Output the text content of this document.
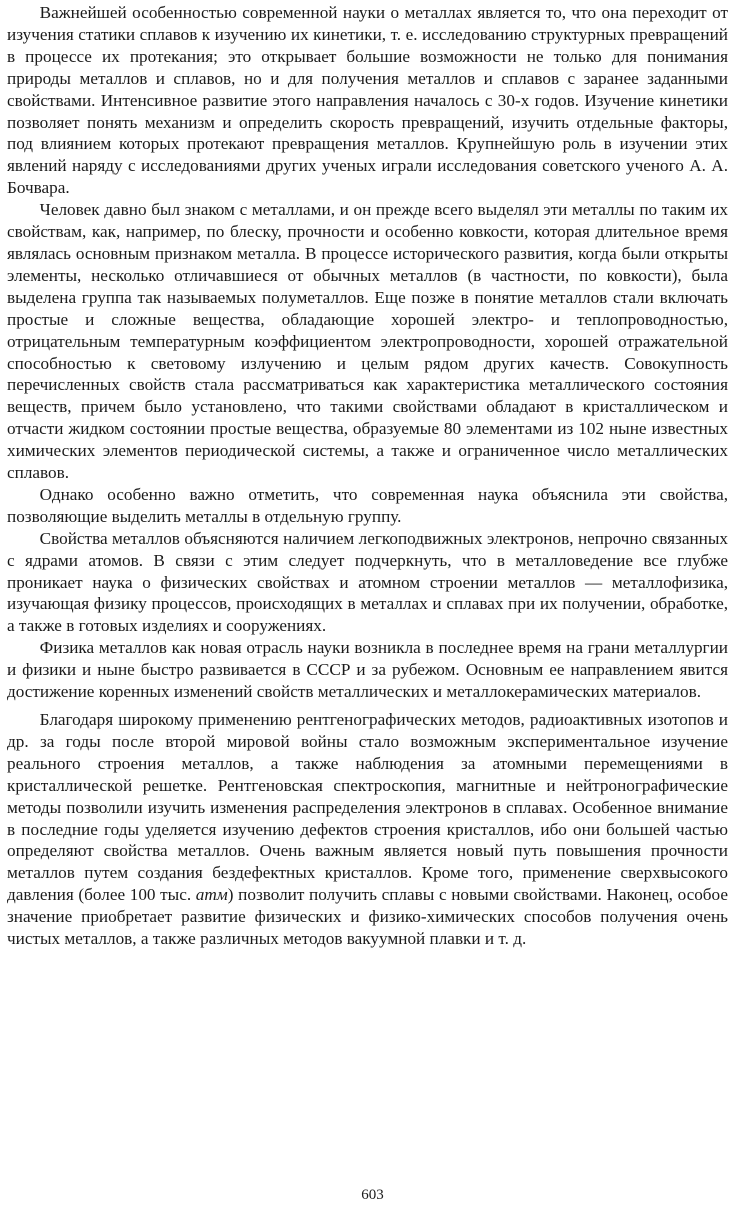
Важнейшей особенностью современной науки о металлах является то, что она переходит от изучения статики сплавов к изучению их кинетики, т. е. исследованию структурных превращений в процессе их протекания; это открывает большие возможности не только для понимания природы металлов и сплавов, но и для получения металлов и сплавов с заранее заданными свойствами. Интенсивное развитие этого направления началось с 30-х годов. Изучение кинетики позволяет понять механизм и определить скорость превращений, изучить отдельные факторы, под влиянием которых протекают превращения металлов. Крупнейшую роль в изучении этих явлений наряду с исследованиями других ученых играли исследования советского ученого А. А. Бочвара.

Человек давно был знаком с металлами, и он прежде всего выделял эти металлы по таким их свойствам, как, например, по блеску, прочности и особенно ковкости, которая длительное время являлась основным признаком металла. В процессе исторического развития, когда были открыты элементы, несколько отличавшиеся от обычных металлов (в частности, по ковкости), была выделена группа так называемых полуметаллов. Еще позже в понятие металлов стали включать простые и сложные вещества, обладающие хорошей электро- и теплопроводностью, отрицательным температурным коэффициентом электропроводности, хорошей отражательной способностью к световому излучению и целым рядом других качеств. Совокупность перечисленных свойств стала рассматриваться как характеристика металлического состояния веществ, причем было установлено, что такими свойствами обладают в кристаллическом и отчасти жидком состоянии простые вещества, образуемые 80 элементами из 102 ныне известных химических элементов периодической системы, а также и ограниченное число металлических сплавов.

Однако особенно важно отметить, что современная наука объяснила эти свойства, позволяющие выделить металлы в отдельную группу.

Свойства металлов объясняются наличием легкоподвижных электронов, непрочно связанных с ядрами атомов. В связи с этим следует подчеркнуть, что в металловедение все глубже проникает наука о физических свойствах и атомном строении металлов — металлофизика, изучающая физику процессов, происходящих в металлах и сплавах при их получении, обработке, а также в готовых изделиях и сооружениях.

Физика металлов как новая отрасль науки возникла в последнее время на грани металлургии и физики и ныне быстро развивается в СССР и за рубежом. Основным ее направлением явится достижение коренных изменений свойств металлических и металлокерамических материалов.

Благодаря широкому применению рентгенографических методов, радиоактивных изотопов и др. за годы после второй мировой войны стало возможным экспериментальное изучение реального строения металлов, а также наблюдения за атомными перемещениями в кристаллической решетке. Рентгеновская спектроскопия, магнитные и нейтронографические методы позволили изучить изменения распределения электронов в сплавах. Особенное внимание в последние годы уделяется изучению дефектов строения кристаллов, ибо они большей частью определяют свойства металлов. Очень важным является новый путь повышения прочности металлов путем создания бездефектных кристаллов. Кроме того, применение сверхвысокого давления (более 100 тыс. атм) позволит получить сплавы с новыми свойствами. Наконец, особое значение приобретает развитие физических и физико-химических способов получения очень чистых металлов, а также различных методов вакуумной плавки и т. д.

603
